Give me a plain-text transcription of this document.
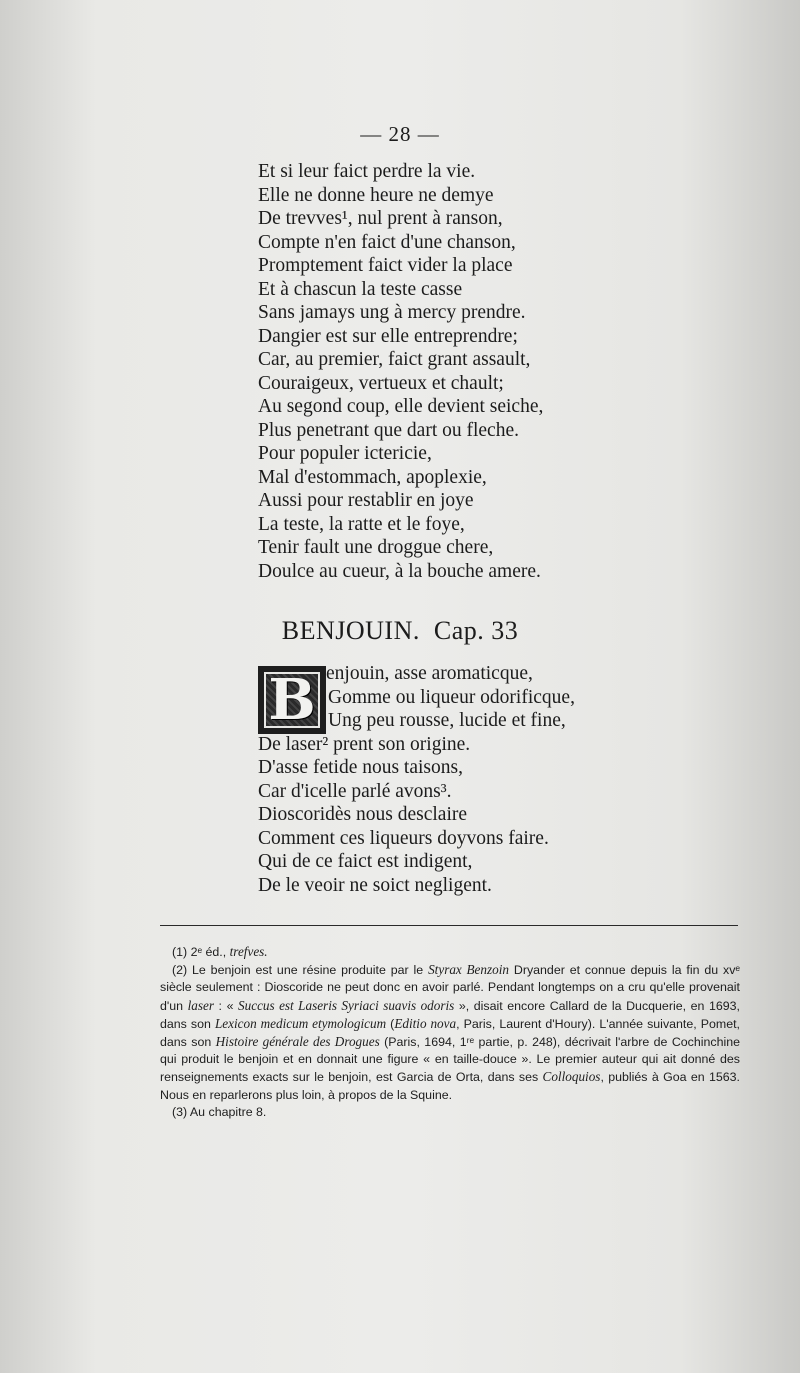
— 28 —
Et si leur faict perdre la vie.
Elle ne donne heure ne demye
De trevves¹, nul prent à ranson,
Compte n'en faict d'une chanson,
Promptement faict vider la place
Et à chascun la teste casse
Sans jamays ung à mercy prendre.
Dangier est sur elle entreprendre;
Car, au premier, faict grant assault,
Couraigeux, vertueux et chault;
Au segond coup, elle devient seiche,
Plus penetrant que dart ou fleche.
Pour populer ictericie,
Mal d'estommach, apoplexie,
Aussi pour restablir en joye
La teste, la ratte et le foye,
Tenir fault une droggue chere,
Doulce au cueur, à la bouche amere.
BENJOUIN. Cap. 33
B enjouin, asse aromaticque,
Gomme ou liqueur odorificque,
Ung peu rousse, lucide et fine,
De laser² prent son origine.
D'asse fetide nous taisons,
Car d'icelle parlé avons³.
Dioscoridès nous desclaire
Comment ces liqueurs doyvons faire.
Qui de ce faict est indigent,
De le veoir ne soict negligent.

(1) 2ᵉ éd., trefves.

(2) Le benjoin est une résine produite par le Styrax Benzoin Dryander et connue depuis la fin du xvᵉ siècle seulement : Dioscoride ne peut donc en avoir parlé. Pendant longtemps on a cru qu'elle provenait d'un laser : « Succus est Laseris Syriaci suavis odoris », disait encore Callard de la Ducquerie, en 1693, dans son Lexicon medicum etymologicum (Editio nova, Paris, Laurent d'Houry). L'année suivante, Pomet, dans son Histoire générale des Drogues (Paris, 1694, 1ʳᵉ partie, p. 248), décrivait l'arbre de Cochinchine qui produit le benjoin et en donnait une figure « en taille-douce ». Le premier auteur qui ait donné des renseignements exacts sur le benjoin, est Garcia de Orta, dans ses Colloquios, publiés à Goa en 1563. Nous en reparlerons plus loin, à propos de la Squine.

(3) Au chapitre 8.
